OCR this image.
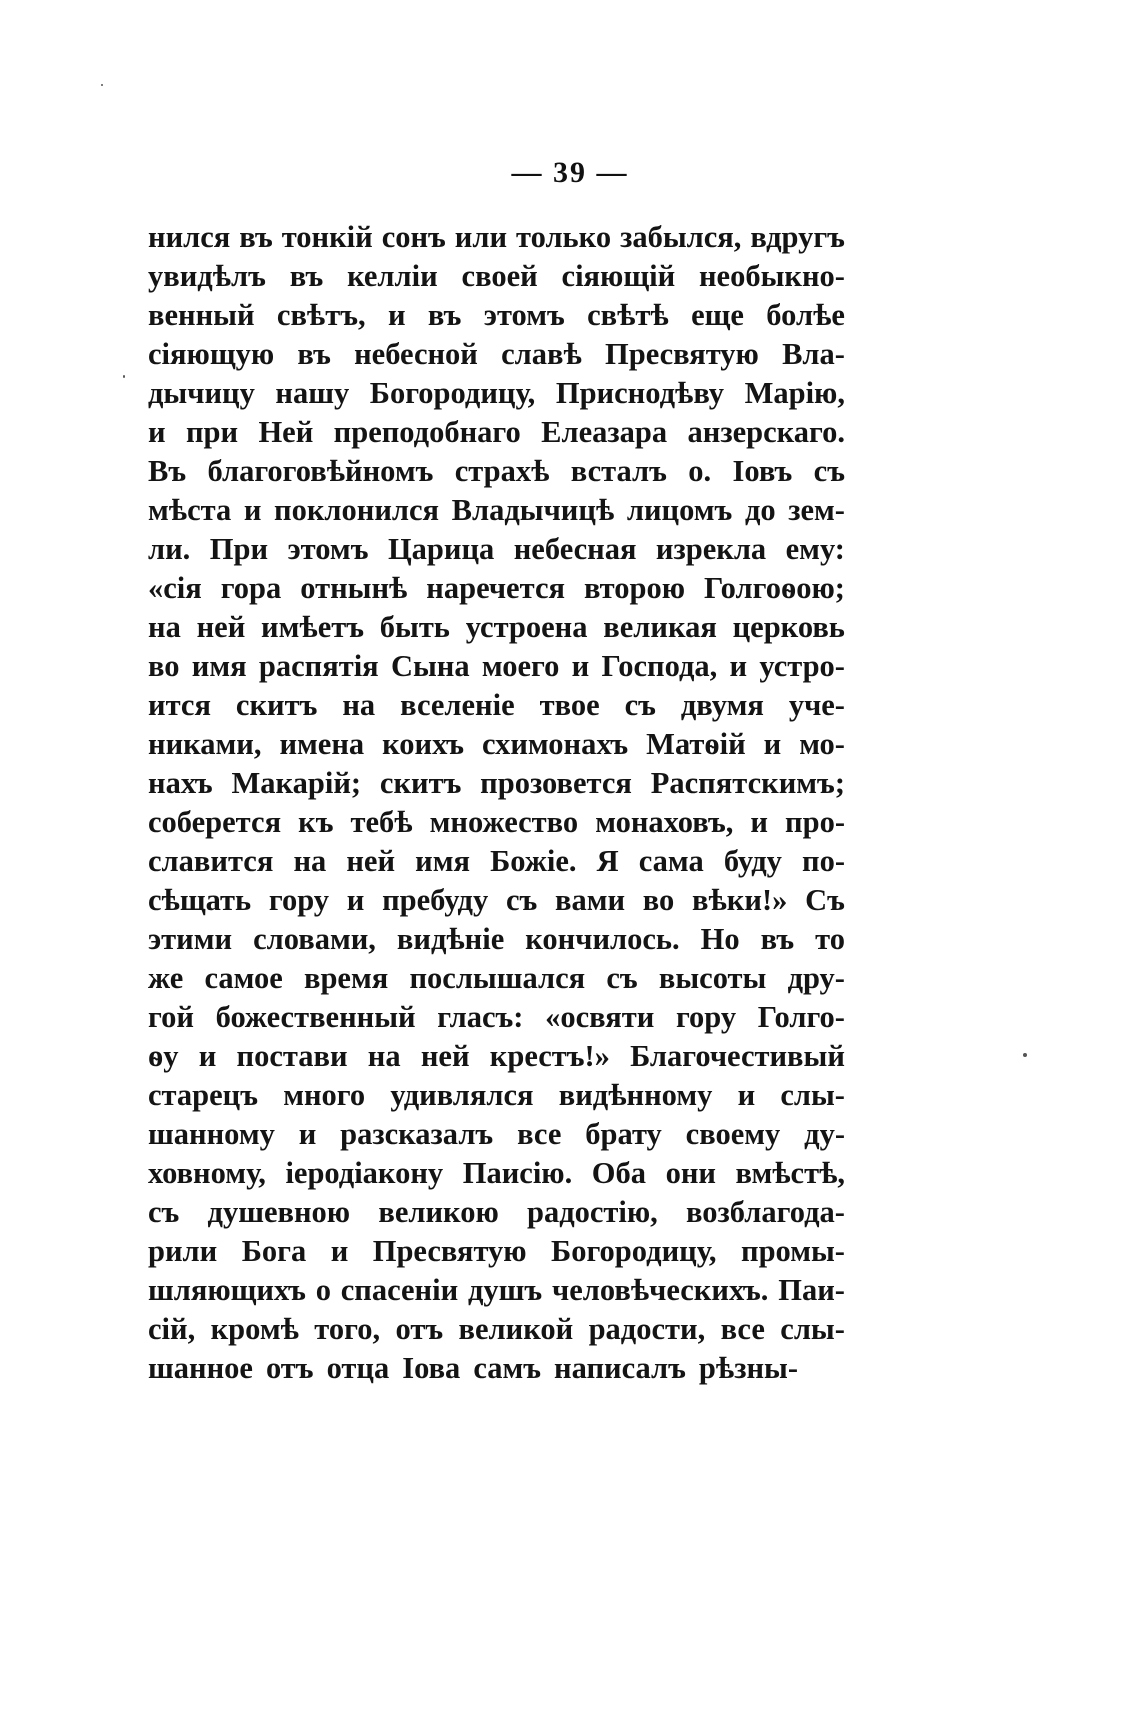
— 39 —
нился въ тонкій сонъ или только забылся, вдругъ
увидѣлъ въ келліи своей сіяющій необыкно-
венный свѣтъ, и въ этомъ свѣтѣ еще болѣе
сіяющую въ небесной славѣ Пресвятую Вла-
дычицу нашу Богородицу, Приснодѣву Марію,
и при Ней преподобнаго Елеазара анзерскаго.
Въ благоговѣйномъ страхѣ всталъ о. Іовъ съ
мѣста и поклонился Владычицѣ лицомъ до зем-
ли. При этомъ Царица небесная изрекла ему:
«сія гора отнынѣ наречется второю Голгоѳою;
на ней имѣетъ быть устроена великая церковь
во имя распятія Сына моего и Господа, и устро-
ится скитъ на вселеніе твое съ двумя уче-
никами, имена коихъ схимонахъ Матѳій и мо-
нахъ Макарій; скитъ прозовется Распятскимъ;
соберется къ тебѣ множество монаховъ, и про-
славится на ней имя Божіе. Я сама буду по-
сѣщать гору и пребуду съ вами во вѣки!» Съ
этими словами, видѣніе кончилось. Но въ то
же самое время послышался съ высоты дру-
гой божественный гласъ: «освяти гору Голго-
ѳу и постави на ней крестъ!» Благочестивый
старецъ много удивлялся видѣнному и слы-
шанному и разсказалъ все брату своему ду-
ховному, іеродіакону Паисію. Оба они вмѣстѣ,
съ душевною великою радостію, возблагода-
рили Бога и Пресвятую Богородицу, промы-
шляющихъ о спасеніи душъ человѣческихъ. Паи-
сій, кромѣ того, отъ великой радости, все слы-
шанное отъ отца Іова самъ написалъ рѣзны-
